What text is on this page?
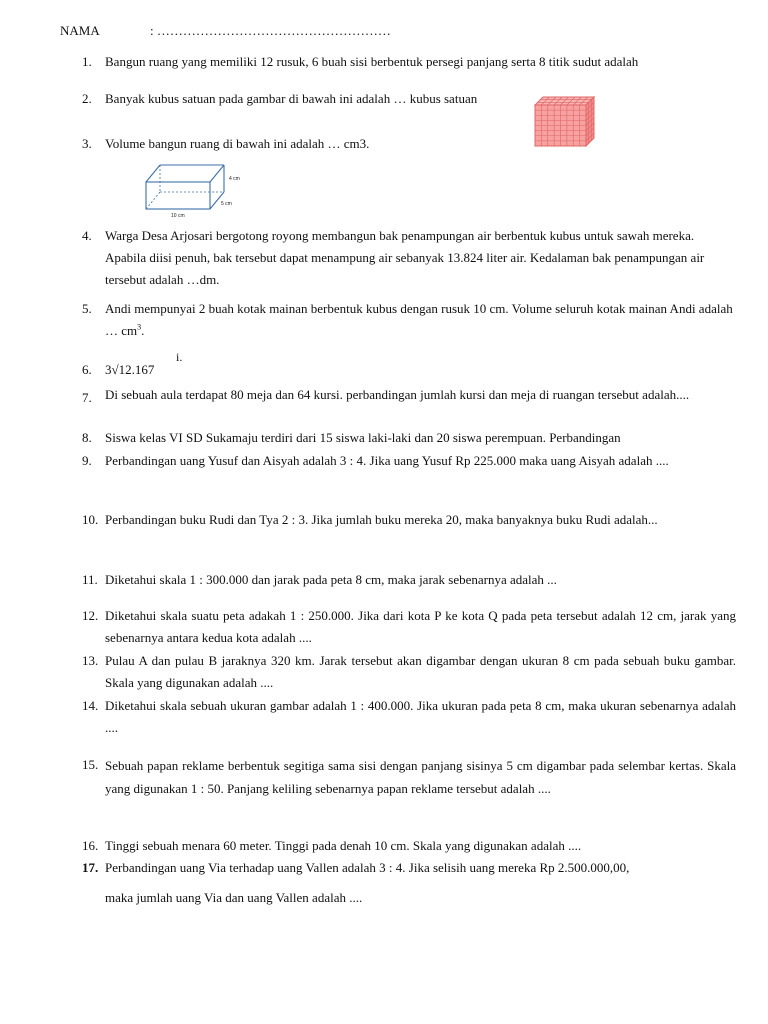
NAMA	: ………………………………………………
1.	Bangun ruang yang memiliki 12 rusuk, 6 buah sisi berbentuk persegi panjang serta 8 titik sudut adalah
2.	Banyak kubus satuan pada gambar di bawah ini adalah … kubus satuan
3.	Volume bangun ruang di bawah ini adalah … cm3.
4 cm
5 cm
10 cm
4.	Warga Desa Arjosari bergotong royong membangun bak penampungan air berbentuk kubus untuk sawah mereka. Apabila diisi penuh, bak tersebut dapat menampung air sebanyak 13.824 liter air. Kedalaman bak penampungan air tersebut adalah …dm.
5.	Andi mempunyai 2 buah kotak mainan berbentuk kubus dengan rusuk 10 cm. Volume seluruh kotak mainan Andi adalah … $cm^3$.
i.
6.	3√12.167
7.	Di sebuah aula terdapat 80 meja dan 64 kursi. perbandingan jumlah kursi dan meja di ruangan tersebut adalah....
8.	Siswa kelas VI SD Sukamaju terdiri dari 15 siswa laki-laki dan 20 siswa perempuan. Perbandingan
9.	Perbandingan uang Yusuf dan Aisyah adalah 3 : 4. Jika uang Yusuf Rp 225.000 maka uang Aisyah adalah ....
10. Perbandingan buku Rudi dan Tya 2 : 3. Jika jumlah buku mereka 20, maka banyaknya buku Rudi adalah...
11. Diketahui skala 1 : 300.000 dan jarak pada peta 8 cm, maka jarak sebenarnya adalah ...
12. Diketahui skala suatu peta adakah 1 : 250.000. Jika dari kota P ke kota Q pada peta tersebut adalah 12 cm, jarak yang sebenarnya antara kedua kota adalah ....
13. Pulau A dan pulau B jaraknya 320 km. Jarak tersebut akan digambar dengan ukuran 8 cm pada sebuah buku gambar. Skala yang digunakan adalah ....
14. Diketahui skala sebuah ukuran gambar adalah 1 : 400.000. Jika ukuran pada peta 8 cm, maka ukuran sebenarnya adalah ....
15. Sebuah papan reklame berbentuk segitiga sama sisi dengan panjang sisinya 5 cm digambar pada selembar kertas. Skala yang digunakan 1 : 50. Panjang keliling sebenarnya papan reklame tersebut adalah ....
16. Tinggi sebuah menara 60 meter. Tinggi pada denah 10 cm. Skala yang digunakan adalah ....
17. Perbandingan uang Via terhadap uang Vallen adalah 3 : 4. Jika selisih uang mereka Rp 2.500.000,00,
maka jumlah uang Via dan uang Vallen adalah ....
